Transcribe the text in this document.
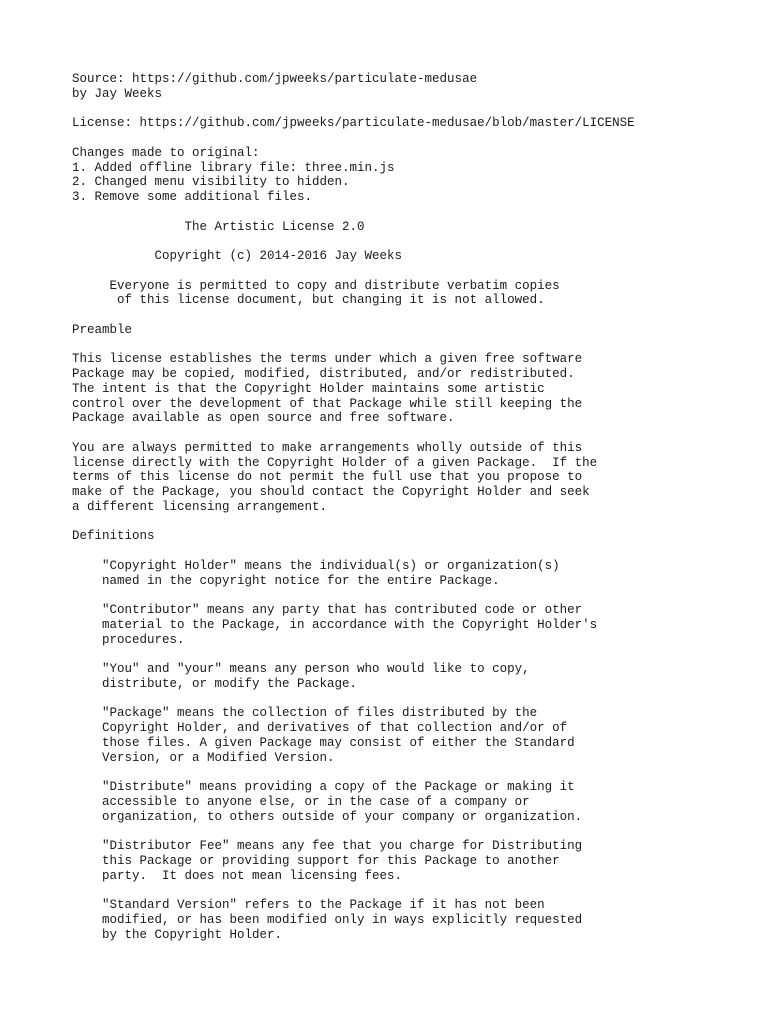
Source: https://github.com/jpweeks/particulate-medusae
by Jay Weeks
License: https://github.com/jpweeks/particulate-medusae/blob/master/LICENSE
Changes made to original:
1. Added offline library file: three.min.js
2. Changed menu visibility to hidden.
3. Remove some additional files.
The Artistic License 2.0
Copyright (c) 2014-2016 Jay Weeks
Everyone is permitted to copy and distribute verbatim copies
of this license document, but changing it is not allowed.
Preamble
This license establishes the terms under which a given free software
Package may be copied, modified, distributed, and/or redistributed.
The intent is that the Copyright Holder maintains some artistic
control over the development of that Package while still keeping the
Package available as open source and free software.
You are always permitted to make arrangements wholly outside of this
license directly with the Copyright Holder of a given Package.  If the
terms of this license do not permit the full use that you propose to
make of the Package, you should contact the Copyright Holder and seek
a different licensing arrangement.
Definitions
"Copyright Holder" means the individual(s) or organization(s)
named in the copyright notice for the entire Package.
"Contributor" means any party that has contributed code or other
material to the Package, in accordance with the Copyright Holder's
procedures.
"You" and "your" means any person who would like to copy,
distribute, or modify the Package.
"Package" means the collection of files distributed by the
Copyright Holder, and derivatives of that collection and/or of
those files. A given Package may consist of either the Standard
Version, or a Modified Version.
"Distribute" means providing a copy of the Package or making it
accessible to anyone else, or in the case of a company or
organization, to others outside of your company or organization.
"Distributor Fee" means any fee that you charge for Distributing
this Package or providing support for this Package to another
party.  It does not mean licensing fees.
"Standard Version" refers to the Package if it has not been
modified, or has been modified only in ways explicitly requested
by the Copyright Holder.
